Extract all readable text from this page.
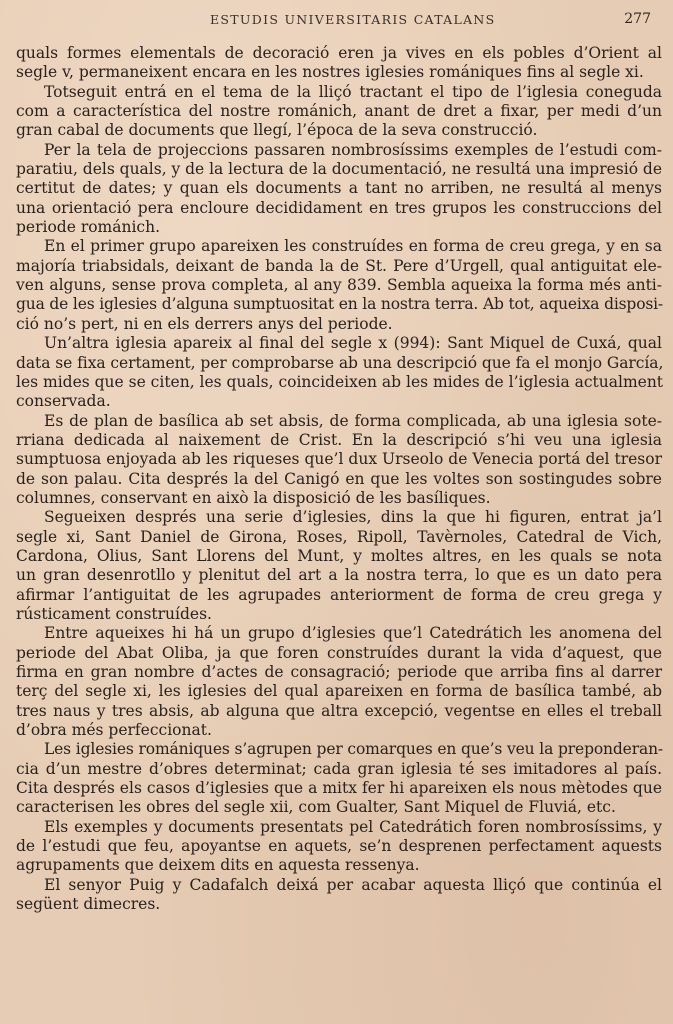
ESTUDIS UNIVERSITARIS CATALANS	277

quals formes elementals de decoració eren ja vives en els pobles d’Orient al
segle v, permaneixent encara en les nostres iglesies romániques fins al segle xi.

Totseguit entrá en el tema de la lliçó tractant el tipo de l’iglesia coneguda
com a característica del nostre románich, anant de dret a fixar, per medi d’un
gran cabal de documents que llegí, l’época de la seva construcció.

Per la tela de projeccions passaren nombrosíssims exemples de l’estudi com-
paratiu, dels quals, y de la lectura de la documentació, ne resultá una impresió de
certitut de dates; y quan els documents a tant no arriben, ne resultá al menys
una orientació pera encloure decididament en tres grupos les construccions del
periode románich.

En el primer grupo apareixen les construídes en forma de creu grega, y en sa
majoría triabsidals, deixant de banda la de St. Pere d’Urgell, qual antiguitat ele-
ven alguns, sense prova completa, al any 839. Sembla aqueixa la forma més anti-
gua de les iglesies d’alguna sumptuositat en la nostra terra. Ab tot, aqueixa disposi-
ció no’s pert, ni en els derrers anys del periode.

Un’altra iglesia apareix al final del segle x (994): Sant Miquel de Cuxá, qual
data se fixa certament, per comprobarse ab una descripció que fa el monjo García,
les mides que se citen, les quals, coincideixen ab les mides de l’iglesia actualment
conservada.

Es de plan de basílica ab set absis, de forma complicada, ab una iglesia sote-
rriana dedicada al naixement de Crist. En la descripció s’hi veu una iglesia
sumptuosa enjoyada ab les riqueses que’l dux Urseolo de Venecia portá del tresor
de son palau. Cita després la del Canigó en que les voltes son sostingudes sobre
columnes, conservant en això la disposició de les basíliques.

Segueixen després una serie d’iglesies, dins la que hi figuren, entrat ja’l
segle xi, Sant Daniel de Girona, Roses, Ripoll, Tavèrnoles, Catedral de Vich,
Cardona, Olius, Sant Llorens del Munt, y moltes altres, en les quals se nota
un gran desenrotllo y plenitut del art a la nostra terra, lo que es un dato pera
afirmar l’antiguitat de les agrupades anteriorment de forma de creu grega y
rústicament construídes.

Entre aqueixes hi há un grupo d’iglesies que’l Catedrátich les anomena del
periode del Abat Oliba, ja que foren construídes durant la vida d’aquest, que
firma en gran nombre d’actes de consagració; periode que arriba fins al darrer
terç del segle xi, les iglesies del qual apareixen en forma de basílica també, ab
tres naus y tres absis, ab alguna que altra excepció, vegentse en elles el treball
d’obra més perfeccionat.

Les iglesies romániques s’agrupen per comarques en que’s veu la preponderan-
cia d’un mestre d’obres determinat; cada gran iglesia té ses imitadores al país.
Cita després els casos d’iglesies que a mitx fer hi apareixen els nous mètodes que
caracterisen les obres del segle xii, com Gualter, Sant Miquel de Fluviá, etc.

Els exemples y documents presentats pel Catedrátich foren nombrosíssims, y
de l’estudi que feu, apoyantse en aquets, se’n desprenen perfectament aquests
agrupaments que deixem dits en aquesta ressenya.

El senyor Puig y Cadafalch deixá per acabar aquesta lliçó que continúa el
següent dimecres.
